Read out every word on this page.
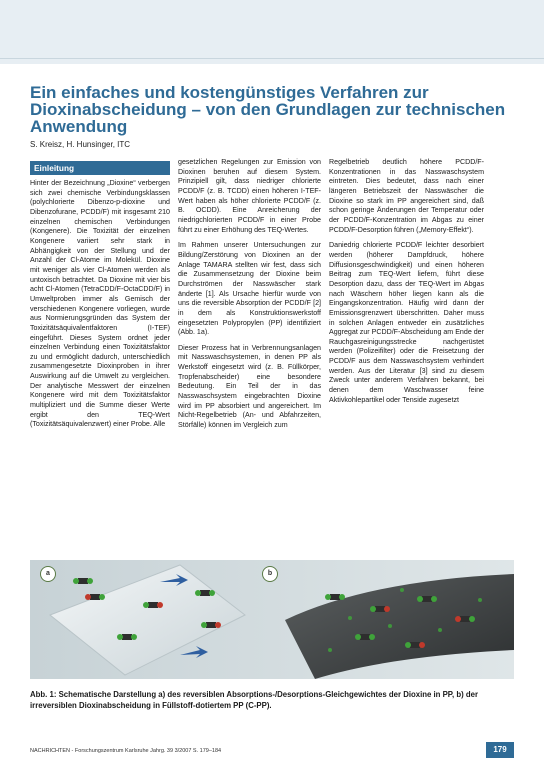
Ein einfaches und kostengünstiges Verfahren zur Dioxinabscheidung – von den Grundlagen zur technischen Anwendung
S. Kreisz, H. Hunsinger, ITC
Einleitung

Hinter der Bezeichnung „Dioxine“ verbergen sich zwei chemische Verbindungsklassen (polychlorierte Dibenzo-p-dioxine und Dibenzofurane, PCDD/F) mit insgesamt 210 einzelnen chemischen Verbindungen (Kongenere). Die Toxizität der einzelnen Kongenere variiert sehr stark in Abhängigkeit von der Stellung und der Anzahl der Cl-Atome im Molekül. Dioxine mit weniger als vier Cl-Atomen werden als untoxisch betrachtet. Da Dioxine mit vier bis acht Cl-Atomen (TetraCDD/F-OctaCDD/F) in Umweltproben immer als Gemisch der verschiedenen Kongenere vorliegen, wurde aus Normierungsgründen das System der Toxizitätsäquivalentfaktoren (I-TEF) eingeführt. Dieses System ordnet jeder einzelnen Verbindung einen Toxizitätsfaktor zu und ermöglicht dadurch, unterschiedlich zusammengesetzte Dioxinproben in ihrer Auswirkung auf die Umwelt zu vergleichen. Der analytische Messwert der einzelnen Kongenere wird mit dem Toxizitätsfaktor multipliziert und die Summe dieser Werte ergibt den TEQ-Wert (Toxizitätsäquivalenzwert) einer Probe. Alle

gesetzlichen Regelungen zur Emission von Dioxinen beruhen auf diesem System. Prinzipiell gilt, dass niedriger chlorierte PCDD/F (z. B. TCDD) einen höheren I-TEF-Wert haben als höher chlorierte PCDD/F (z. B. OCDD). Eine Anreicherung der niedrigchlorierten PCDD/F in einer Probe führt zu einer Erhöhung des TEQ-Wertes.

Im Rahmen unserer Untersuchungen zur Bildung/Zerstörung von Dioxinen an der Anlage TAMARA stellten wir fest, dass sich die Zusammensetzung der Dioxine beim Durchströmen der Nasswäscher stark änderte [1]. Als Ursache hierfür wurde von uns die reversible Absorption der PCDD/F [2] in dem als Konstruktionswerkstoff eingesetzten Polypropylen (PP) identifiziert (Abb. 1a).

Dieser Prozess hat in Verbrennungsanlagen mit Nasswaschsystemen, in denen PP als Werkstoff eingesetzt wird (z. B. Füllkörper, Tropfenabscheider) eine besondere Bedeutung. Ein Teil der in das Nasswaschsystem eingebrachten Dioxine wird im PP absorbiert und angereichert. Im Nicht-Regelbetrieb (An- und Abfahrzeiten, Störfälle) können im Vergleich zum

Regelbetrieb deutlich höhere PCDD/F-Konzentrationen in das Nasswaschsystem eintreten. Dies bedeutet, dass nach einer längeren Betriebszeit der Nasswäscher die Dioxine so stark im PP angereichert sind, daß schon geringe Änderungen der Temperatur oder der PCDD/F-Konzentration im Abgas zu einer PCDD/F-Desorption führen („Memory-Effekt“).

Daniedrig chlorierte PCDD/F leichter desorbiert werden (höherer Dampfdruck, höhere Diffusionsgeschwindigkeit) und einen höheren Beitrag zum TEQ-Wert liefern, führt diese Desorption dazu, dass der TEQ-Wert im Abgas nach Wäschern höher liegen kann als die Eingangskonzentration. Häufig wird dann der Emissionsgrenzwert überschritten. Daher muss in solchen Anlagen entweder ein zusätzliches Aggregat zur PCDD/F-Abscheidung am Ende der Rauchgasreinigungsstrecke nachgerüstet werden (Polizeifilter) oder die Freisetzung der PCDD/F aus dem Nasswaschsystem verhindert werden. Aus der Literatur [3] sind zu diesem Zweck unter anderem Verfahren bekannt, bei denen dem Waschwasser feine Aktivkohlepartikel oder Tenside zugesetzt

a	b

Abb. 1: Schematische Darstellung a) des reversiblen Absorptions-/Desorptions-Gleichgewichtes der Dioxine in PP, b) der irreversiblen Dioxinabscheidung in Füllstoff-dotiertem PP (C-PP).

NACHRICHTEN - Forschungszentrum Karlsruhe Jahrg. 39 3/2007 S. 179–184	179
